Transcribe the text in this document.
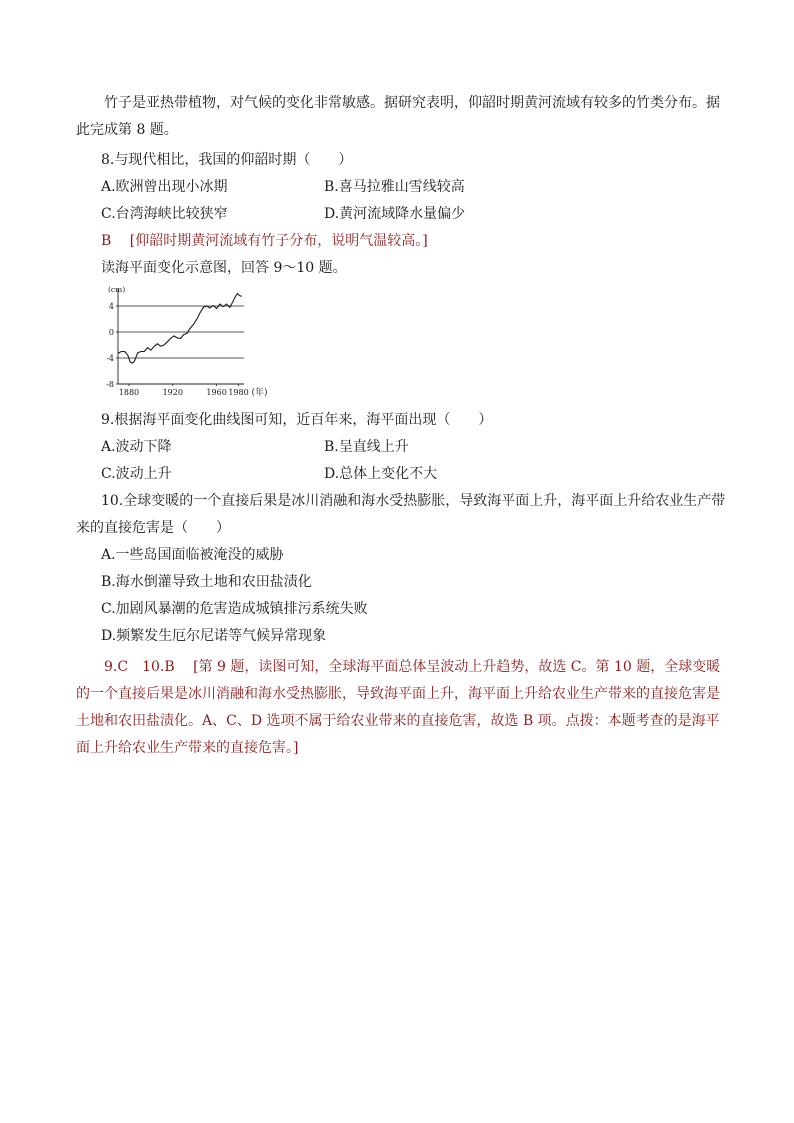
竹子是亚热带植物，对气候的变化非常敏感。据研究表明，仰韶时期黄河流域有较多的竹类分布。据此完成第 8 题。

8.与现代相比，我国的仰韶时期（　　）
A.欧洲曾出现小冰期	B.喜马拉雅山雪线较高
C.台湾海峡比较狭窄	D.黄河流域降水量偏少
B　 [仰韶时期黄河流域有竹子分布，说明气温较高。]
读海平面变化示意图，回答 9～10 题。
4
0
-4
-8
1880	1920	1960 1980
(cm)
(年)
9.根据海平面变化曲线图可知，近百年来，海平面出现（　　）
A.波动下降	B.呈直线上升
C.波动上升	D.总体上变化不大
10.全球变暖的一个直接后果是冰川消融和海水受热膨胀，导致海平面上升，海平面上升给农业生产带
来的直接危害是（　　）
A.一些岛国面临被淹没的威胁
B.海水倒灌导致土地和农田盐渍化
C.加剧风暴潮的危害造成城镇排污系统失败
D.频繁发生厄尔尼诺等气候异常现象

9.C　10.B　 [第 9 题，读图可知，全球海平面总体呈波动上升趋势，故选 C。第 10 题，全球变暖的一个直接后果是冰川消融和海水受热膨胀，导致海平面上升，海平面上升给农业生产带来的直接危害是土地和农田盐渍化。A、C、D 选项不属于给农业带来的直接危害，故选 B 项。点拨：本题考查的是海平面上升给农业生产带来的直接危害。]
